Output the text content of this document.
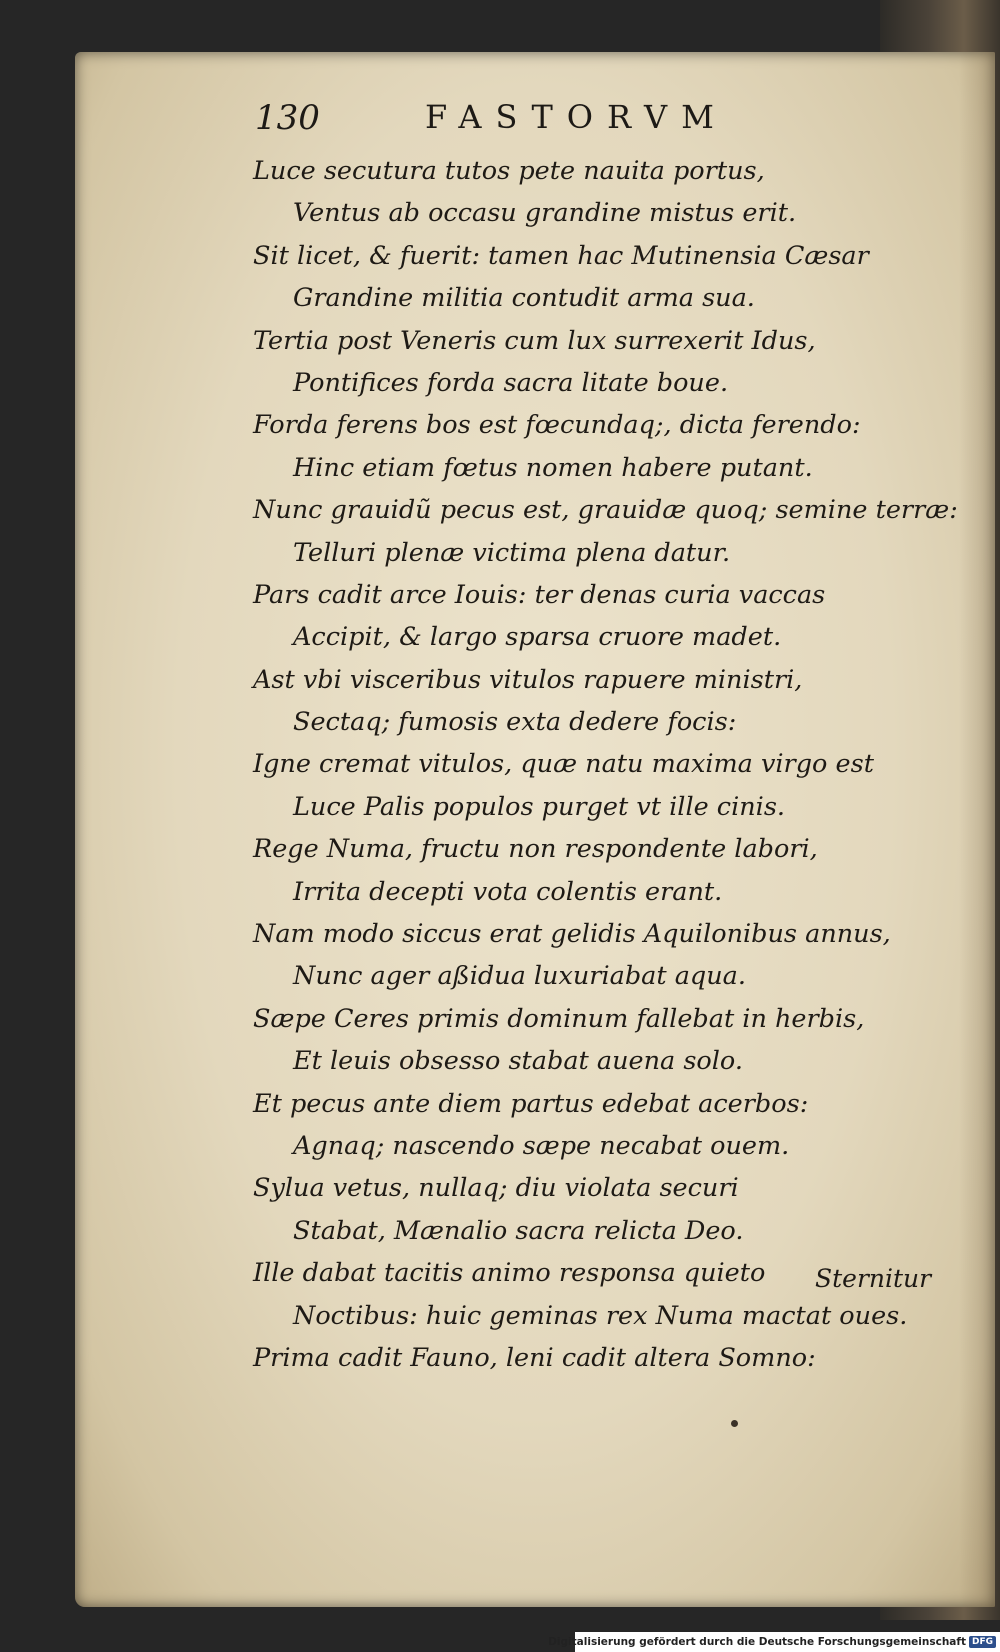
130	FASTORVM
Luce secutura tutos pete nauita portus,
Ventus ab occasu grandine mistus erit.
Sit licet, & fuerit: tamen hac Mutinensia Cæsar
Grandine militia contudit arma sua.
Tertia post Veneris cum lux surrexerit Idus,
Pontifices forda sacra litate boue.
Forda ferens bos est fœcundaq;, dicta ferendo:
Hinc etiam fœtus nomen habere putant.
Nunc grauidũ pecus est, grauidæ quoq; semine terræ:
Telluri plenæ victima plena datur.
Pars cadit arce Iouis: ter denas curia vaccas
Accipit, & largo sparsa cruore madet.
Ast vbi visceribus vitulos rapuere ministri,
Sectaq; fumosis exta dedere focis:
Igne cremat vitulos, quæ natu maxima virgo est
Luce Palis populos purget vt ille cinis.
Rege Numa, fructu non respondente labori,
Irrita decepti vota colentis erant.
Nam modo siccus erat gelidis Aquilonibus annus,
Nunc ager aßidua luxuriabat aqua.
Sæpe Ceres primis dominum fallebat in herbis,
Et leuis obsesso stabat auena solo.
Et pecus ante diem partus edebat acerbos:
Agnaq; nascendo sæpe necabat ouem.
Sylua vetus, nullaq; diu violata securi
Stabat, Mænalio sacra relicta Deo.
Ille dabat tacitis animo responsa quieto
Noctibus: huic geminas rex Numa mactat oues.
Prima cadit Fauno, leni cadit altera Somno:
Sternitur
Digitalisierung gefördert durch die Deutsche Forschungsgemeinschaft DFG
